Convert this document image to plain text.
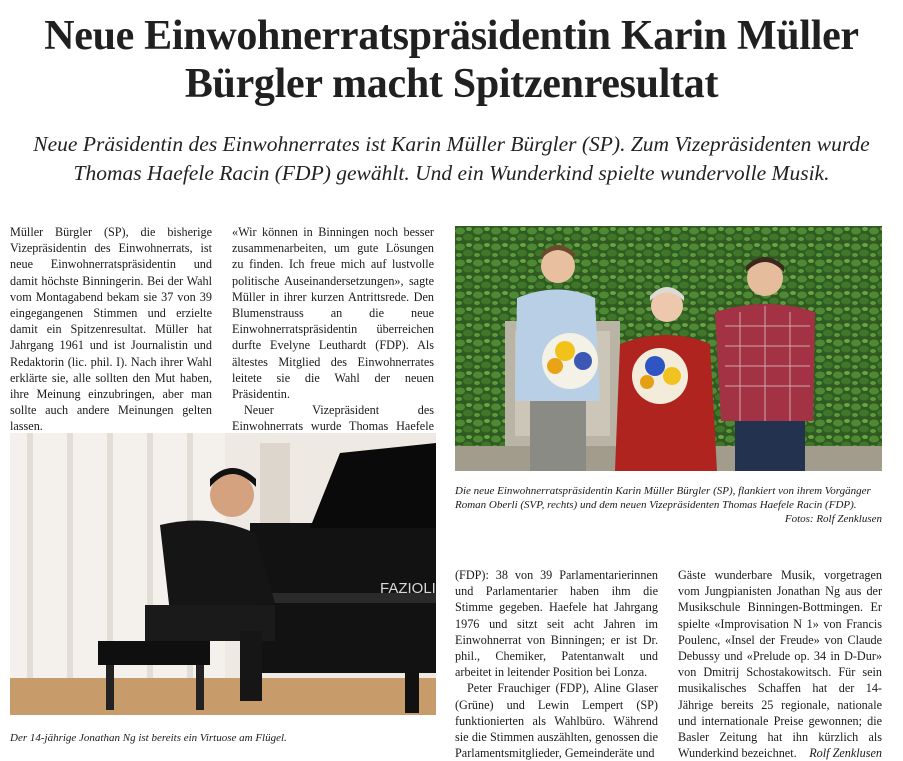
Neue Einwohnerratspräsidentin Karin Müller
Bürgler macht Spitzenresultat
Neue Präsidentin des Einwohnerrates ist Karin Müller Bürgler (SP). Zum Vizepräsidenten wurde
Thomas Haefele Racin (FDP) gewählt. Und ein Wunderkind spielte wundervolle Musik.

Müller Bürgler (SP), die bisherige Vizepräsidentin des Einwohnerrats, ist neue Einwohnerratspräsidentin und damit höchste Binningerin. Bei der Wahl vom Montagabend bekam sie 37 von 39 eingegangenen Stimmen und erzielte damit ein Spitzenresultat. Müller hat Jahrgang 1961 und ist Journalistin und Redaktorin (lic. phil. I). Nach ihrer Wahl erklärte sie, alle sollten den Mut haben, ihre Meinung einzubringen, aber man sollte auch andere Meinungen gelten lassen.

«Wir können in Binningen noch besser zusammenarbeiten, um gute Lösungen zu finden. Ich freue mich auf lustvolle politische Auseinandersetzungen», sagte Müller in ihrer kurzen Antrittsrede. Den Blumenstrauss an die neue Einwohnerratspräsidentin überreichen durfte Evelyne Leuthardt (FDP). Als ältestes Mitglied des Einwohnerrates leitete sie die Wahl der neuen Präsidentin.

Neuer Vizepräsident des Einwohnerrats wurde Thomas Haefele

Die neue Einwohnerratspräsidentin Karin Müller Bürgler (SP), flankiert von ihrem Vorgänger Roman Oberli (SVP, rechts) und dem neuen Vizepräsidenten Thomas Haefele Racin (FDP).
Fotos: Rolf Zenklusen
FAZIOLI
Der 14-jährige Jonathan Ng ist bereits ein Virtuose am Flügel.

(FDP): 38 von 39 Parlamentarierinnen und Parlamentarier haben ihm die Stimme gegeben. Haefele hat Jahrgang 1976 und sitzt seit acht Jahren im Einwohnerrat von Binningen; er ist Dr. phil., Chemiker, Patentanwalt und arbeitet in leitender Position bei Lonza.

Peter Frauchiger (FDP), Aline Glaser (Grüne) und Lewin Lempert (SP) funktionierten als Wahlbüro. Während sie die Stimmen auszählten, genossen die Parlamentsmitglieder, Gemeinderäte und

Gäste wunderbare Musik, vorgetragen vom Jungpianisten Jonathan Ng aus der Musikschule Binningen-Bottmingen. Er spielte «Improvisation N 1» von Francis Poulenc, «Insel der Freude» von Claude Debussy und «Prelude op. 34 in D-Dur» von Dmitrij Schostakowitsch. Für sein musikalisches Schaffen hat der 14-Jährige bereits 25 regionale, nationale und internationale Preise gewonnen; die Basler Zeitung hat ihn kürzlich als Wunderkind bezeichnet. Rolf Zenklusen
